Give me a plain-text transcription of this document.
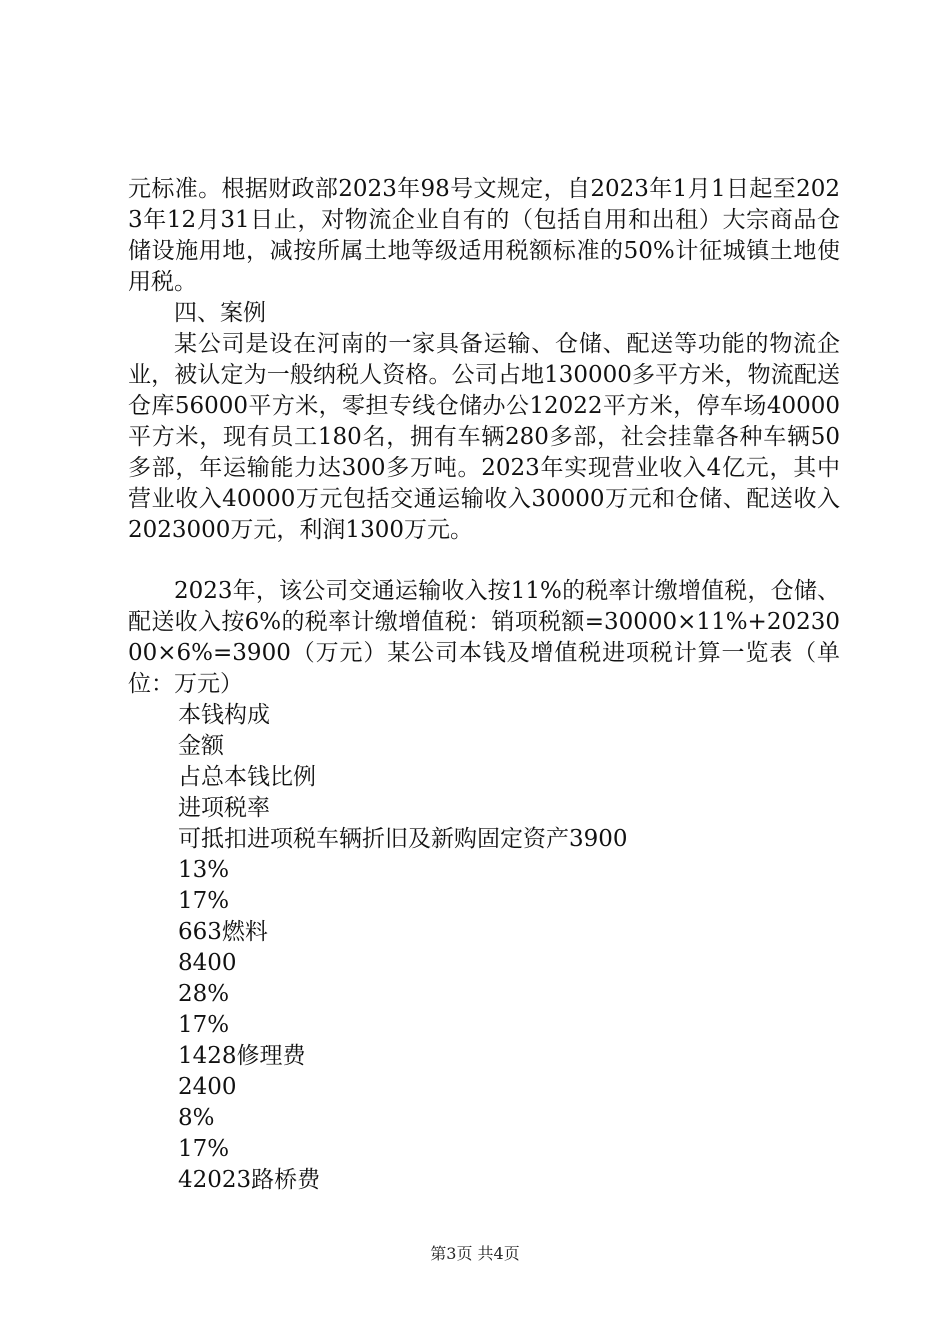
元标准。根据财政部2023年98号文规定，自2023年1月1日起至2023年12月31日止，对物流企业自有的（包括自用和出租）大宗商品仓储设施用地，减按所属土地等级适用税额标准的50%计征城镇土地使用税。

四、案例

某公司是设在河南的一家具备运输、仓储、配送等功能的物流企业，被认定为一般纳税人资格。公司占地130000多平方米，物流配送仓库56000平方米，零担专线仓储办公12022平方米，停车场40000平方米，现有员工180名，拥有车辆280多部，社会挂靠各种车辆50多部，年运输能力达300多万吨。2023年实现营业收入4亿元，其中营业收入40000万元包括交通运输收入30000万元和仓储、配送收入2023000万元，利润1300万元。

2023年，该公司交通运输收入按11%的税率计缴增值税，仓储、配送收入按6%的税率计缴增值税：销项税额=30000×11%+2023000×6%=3900（万元）某公司本钱及增值税进项税计算一览表（单位：万元）

本钱构成

金额

占总本钱比例

进项税率

可抵扣进项税车辆折旧及新购固定资产3900

13%

17%

663燃料

8400

28%

17%

1428修理费

2400

8%

17%

42023路桥费

第3页 共4页
